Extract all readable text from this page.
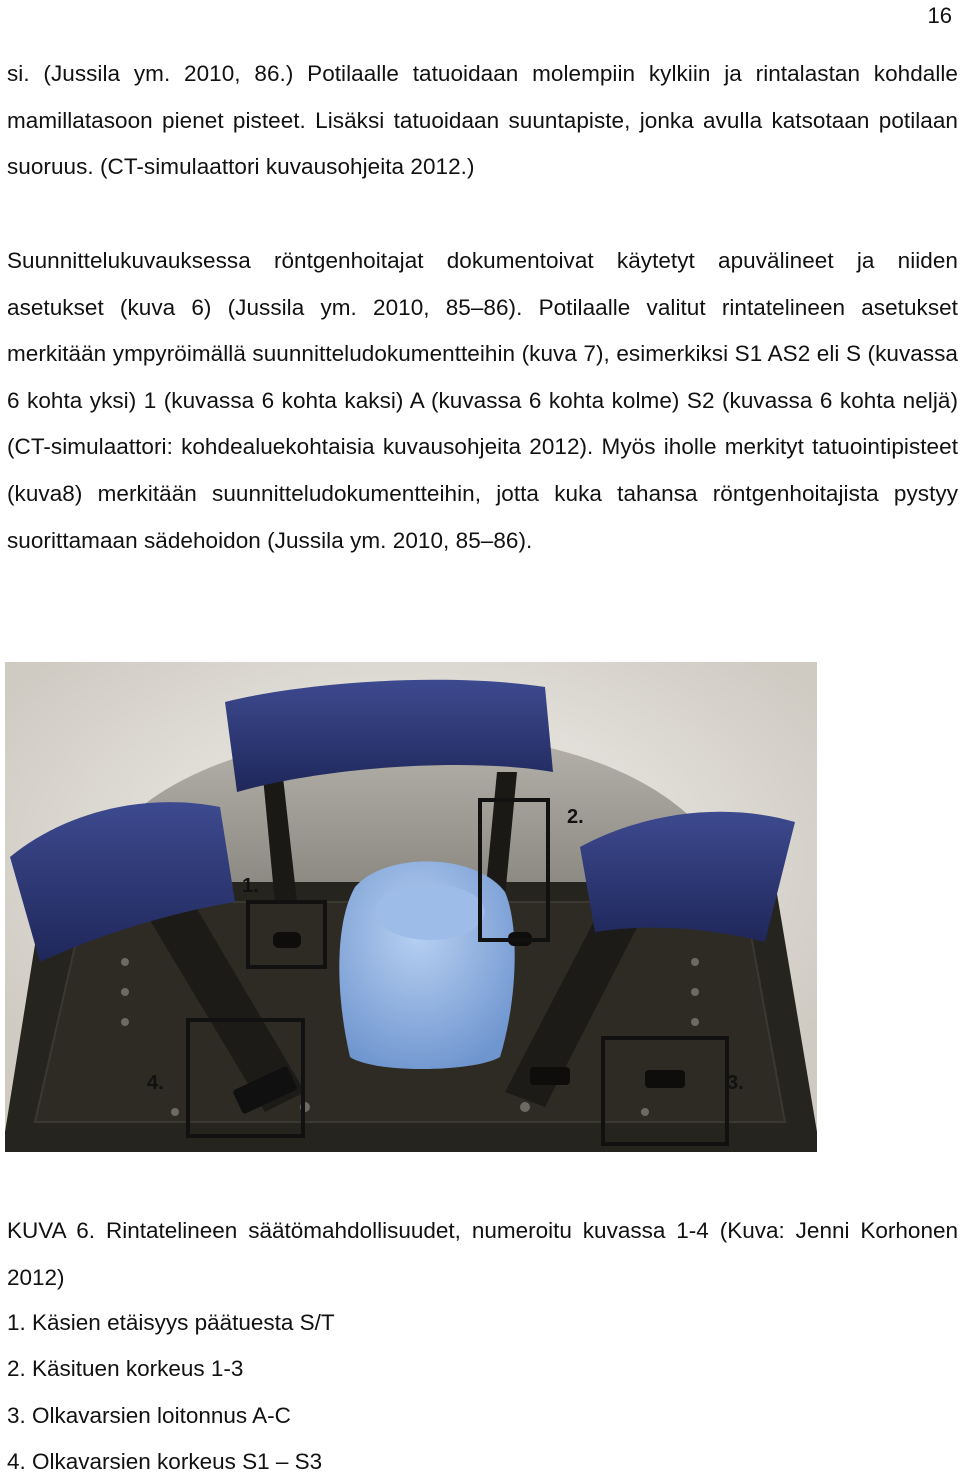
16
si. (Jussila ym. 2010, 86.) Potilaalle tatuoidaan molempiin kylkiin ja rintalastan kohdalle mamillatasoon pienet pisteet. Lisäksi tatuoidaan suuntapiste, jonka avulla katsotaan potilaan suoruus. (CT-simulaattori kuvausohjeita 2012.)
Suunnittelukuvauksessa röntgenhoitajat dokumentoivat käytetyt apuvälineet ja niiden asetukset (kuva 6) (Jussila ym. 2010, 85–86). Potilaalle valitut rintatelineen asetukset merkitään ympyröimällä suunnitteludokumentteihin (kuva 7), esimerkiksi S1 AS2 eli S (kuvassa 6 kohta yksi) 1 (kuvassa 6 kohta kaksi) A (kuvassa 6 kohta kolme) S2 (kuvassa 6 kohta neljä) (CT-simulaattori: kohdealuekohtaisia kuvausohjeita 2012). Myös iholle merkityt tatuointipisteet (kuva8) merkitään suunnitteludokumentteihin, jotta kuka tahansa röntgenhoitajista pystyy suorittamaan sädehoidon (Jussila ym. 2010, 85–86).
1.
2.
3.
4.
KUVA 6. Rintatelineen säätömahdollisuudet, numeroitu kuvassa 1-4 (Kuva: Jenni Korhonen 2012)
1. Käsien etäisyys päätuesta S/T
2. Käsituen korkeus 1-3
3. Olkavarsien loitonnus A-C
4. Olkavarsien korkeus S1 – S3
